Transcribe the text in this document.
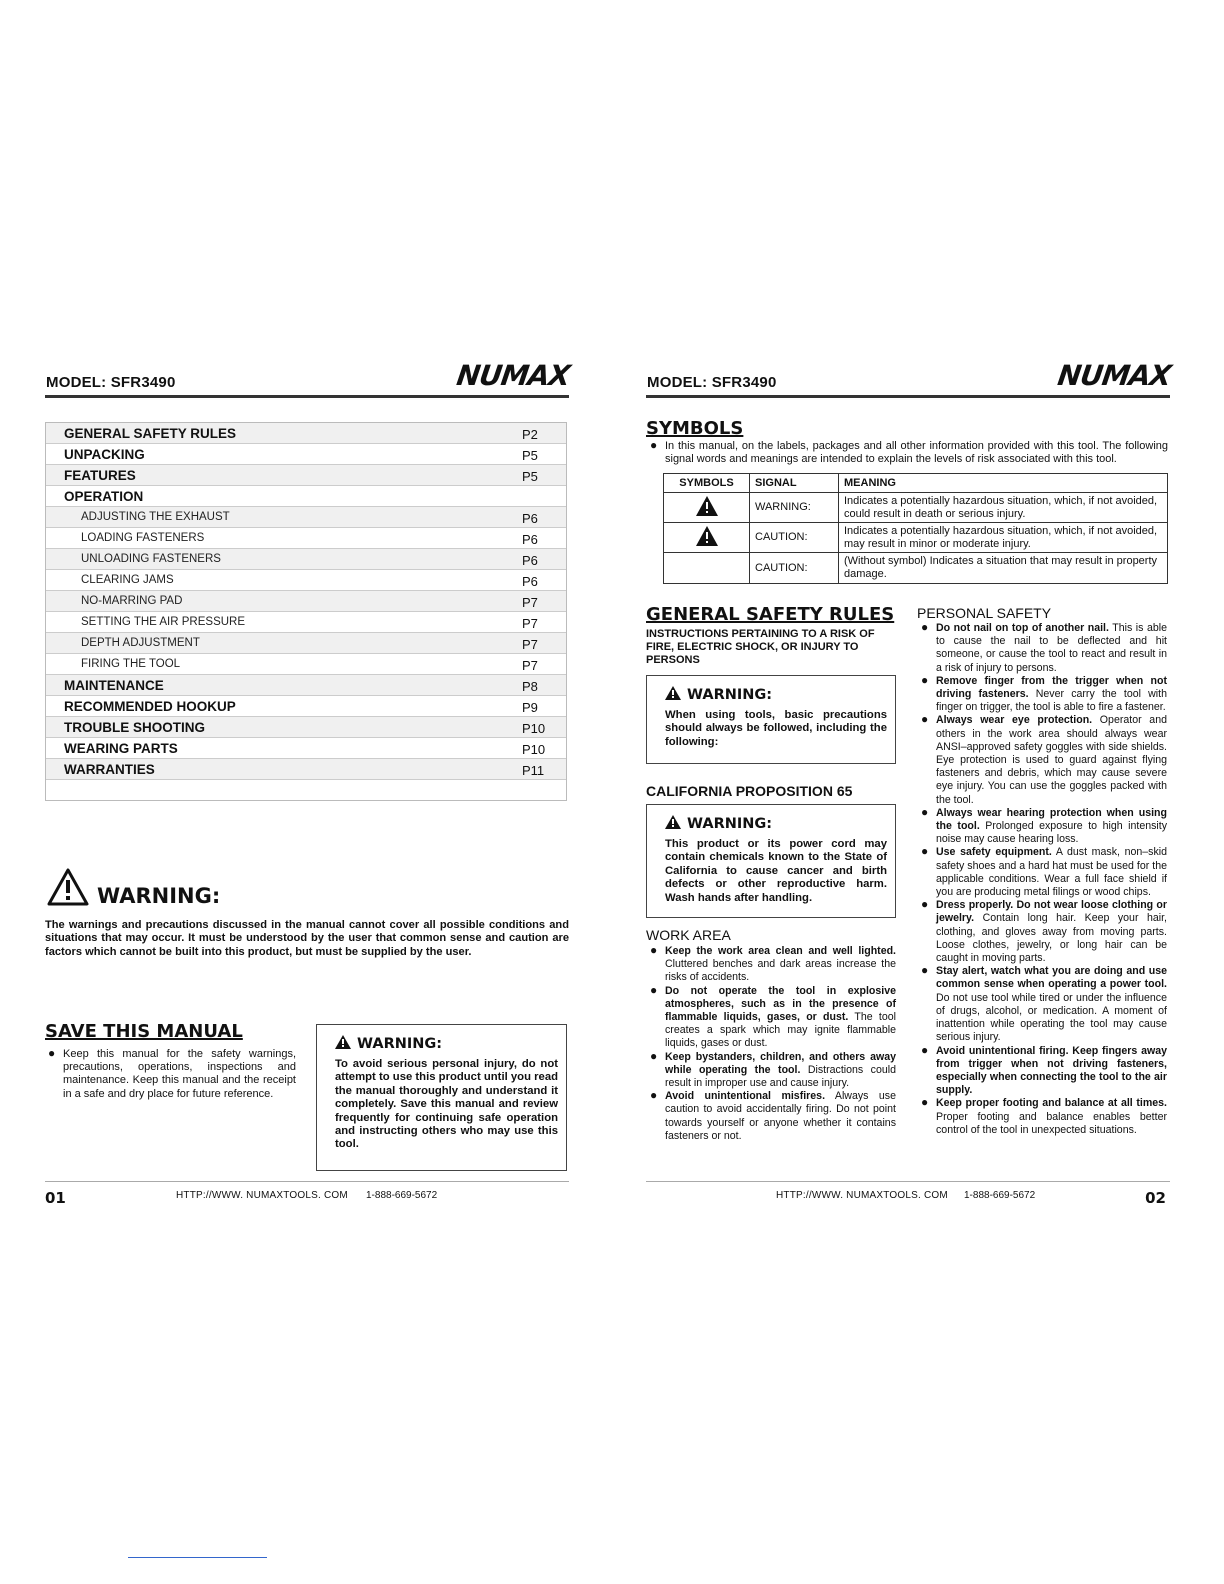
MODEL: SFR3490	NUMAX
GENERAL SAFETY RULES	P2
UNPACKING	P5
FEATURES	P5
OPERATION
ADJUSTING THE EXHAUST	P6
LOADING FASTENERS	P6
UNLOADING FASTENERS	P6
CLEARING JAMS	P6
NO-MARRING PAD	P7
SETTING THE AIR PRESSURE	P7
DEPTH ADJUSTMENT	P7
FIRING THE TOOL	P7
MAINTENANCE	P8
RECOMMENDED HOOKUP	P9
TROUBLE SHOOTING	P10
WEARING PARTS	P10
WARRANTIES	P11
WARNING:
The warnings and precautions discussed in the manual cannot cover all possible conditions and situations that may occur. It must be understood by the user that common sense and caution are factors which cannot be built into this product, but must be supplied by the user.
SAVE THIS MANUAL
● Keep this manual for the safety warnings, precautions, operations, inspections and maintenance. Keep this manual and the receipt in a safe and dry place for future reference.
WARNING:
To avoid serious personal injury, do not attempt to use this product until you read the manual thoroughly and understand it completely. Save this manual and review frequently for continuing safe operation and instructing others who may use this tool.
01	HTTP://WWW. NUMAXTOOLS. COM 1-888-669-5672
MODEL: SFR3490	NUMAX
SYMBOLS
● In this manual, on the labels, packages and all other information provided with this tool. The following signal words and meanings are intended to explain the levels of risk associated with this tool.
SYMBOLS	SIGNAL	MEANING
	WARNING:	Indicates a potentially hazardous situation, which, if not avoided, could result in death or serious injury.
	CAUTION:	Indicates a potentially hazardous situation, which, if not avoided, may result in minor or moderate injury.
	CAUTION:	(Without symbol) Indicates a situation that may result in property damage.
GENERAL SAFETY RULES
INSTRUCTIONS PERTAINING TO A RISK OF FIRE, ELECTRIC SHOCK, OR INJURY TO PERSONS
WARNING:
When using tools, basic precautions should always be followed, including the following:
CALIFORNIA PROPOSITION 65
WARNING:
This product or its power cord may contain chemicals known to the State of California to cause cancer and birth defects or other reproductive harm. Wash hands after handling.
WORK AREA
● Keep the work area clean and well lighted. Cluttered benches and dark areas increase the risks of accidents.
● Do not operate the tool in explosive atmospheres, such as in the presence of flammable liquids, gases, or dust. The tool creates a spark which may ignite flammable liquids, gases or dust.
● Keep bystanders, children, and others away while operating the tool. Distractions could result in improper use and cause injury.
● Avoid unintentional misfires. Always use caution to avoid accidentally firing. Do not point towards yourself or anyone whether it contains fasteners or not.
PERSONAL SAFETY
● Do not nail on top of another nail. This is able to cause the nail to be deflected and hit someone, or cause the tool to react and result in a risk of injury to persons.
● Remove finger from the trigger when not driving fasteners. Never carry the tool with finger on trigger, the tool is able to fire a fastener.
● Always wear eye protection. Operator and others in the work area should always wear ANSI–approved safety goggles with side shields. Eye protection is used to guard against flying fasteners and debris, which may cause severe eye injury. You can use the goggles packed with the tool.
● Always wear hearing protection when using the tool. Prolonged exposure to high intensity noise may cause hearing loss.
● Use safety equipment. A dust mask, non–skid safety shoes and a hard hat must be used for the applicable conditions. Wear a full face shield if you are producing metal filings or wood chips.
● Dress properly. Do not wear loose clothing or jewelry. Contain long hair. Keep your hair, clothing, and gloves away from moving parts. Loose clothes, jewelry, or long hair can be caught in moving parts.
● Stay alert, watch what you are doing and use common sense when operating a power tool. Do not use tool while tired or under the influence of drugs, alcohol, or medication. A moment of inattention while operating the tool may cause serious injury.
● Avoid unintentional firing. Keep fingers away from trigger when not driving fasteners, especially when connecting the tool to the air supply.
● Keep proper footing and balance at all times. Proper footing and balance enables better control of the tool in unexpected situations.
HTTP://WWW. NUMAXTOOLS. COM 1-888-669-5672	02
